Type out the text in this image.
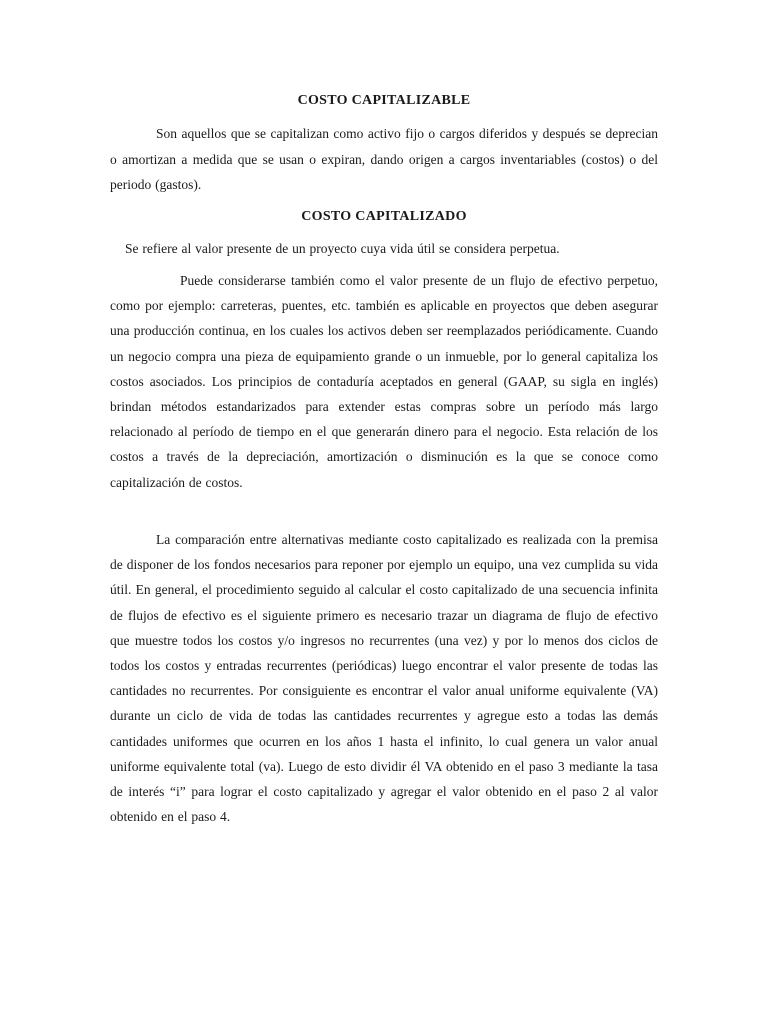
COSTO CAPITALIZABLE

Son aquellos que se capitalizan como activo fijo o cargos diferidos y después se deprecian o amortizan a medida que se usan o expiran, dando origen a cargos inventariables (costos) o del periodo (gastos).

COSTO CAPITALIZADO

Se refiere al valor presente de un proyecto cuya vida útil se considera perpetua.

Puede considerarse también como el valor presente de un flujo de efectivo perpetuo, como por ejemplo: carreteras, puentes, etc. también es aplicable en proyectos que deben asegurar una producción continua, en los cuales los activos deben ser reemplazados periódicamente. Cuando un negocio compra una pieza de equipamiento grande o un inmueble, por lo general capitaliza los costos asociados. Los principios de contaduría aceptados en general (GAAP, su sigla en inglés) brindan métodos estandarizados para extender estas compras sobre un período más largo relacionado al período de tiempo en el que generarán dinero para el negocio. Esta relación de los costos a través de la depreciación, amortización o disminución es la que se conoce como capitalización de costos.

La comparación entre alternativas mediante costo capitalizado es realizada con la premisa de disponer de los fondos necesarios para reponer por ejemplo un equipo, una vez cumplida su vida útil. En general, el procedimiento seguido al calcular el costo capitalizado de una secuencia infinita de flujos de efectivo es el siguiente primero es necesario trazar un diagrama de flujo de efectivo que muestre todos los costos y/o ingresos no recurrentes (una vez) y por lo menos dos ciclos de todos los costos y entradas recurrentes (periódicas) luego encontrar el valor presente de todas las cantidades no recurrentes. Por consiguiente es encontrar el valor anual uniforme equivalente (VA) durante un ciclo de vida de todas las cantidades recurrentes y agregue esto a todas las demás cantidades uniformes que ocurren en los años 1 hasta el infinito, lo cual genera un valor anual uniforme equivalente total (va). Luego de esto dividir él VA obtenido en el paso 3 mediante la tasa de interés “i” para lograr el costo capitalizado y agregar el valor obtenido en el paso 2 al valor obtenido en el paso 4.
